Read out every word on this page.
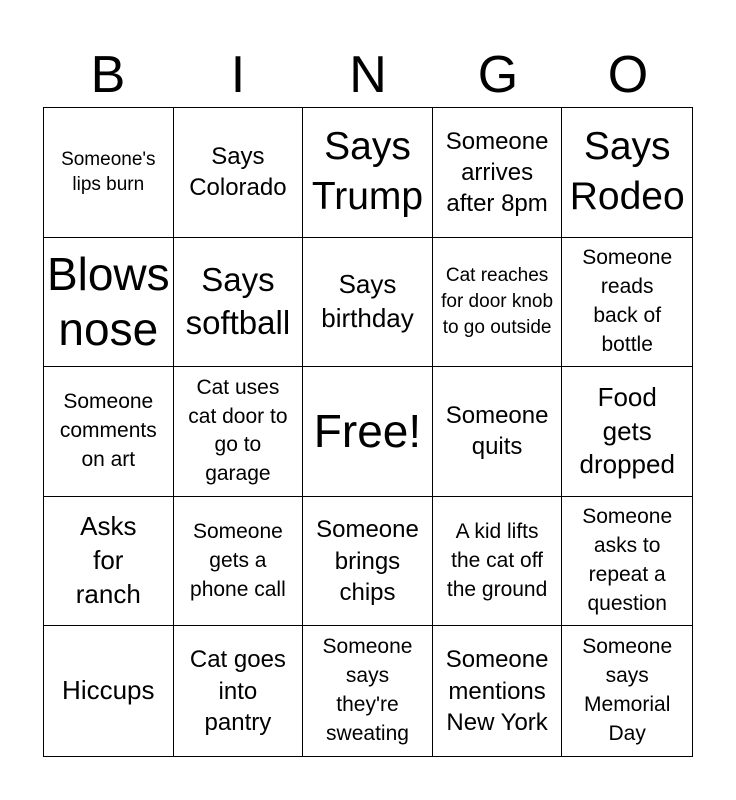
B	I	N	G	O
Someone's lips burn
Says Colorado
Says Trump
Someone arrives after 8pm
Says Rodeo
Blows nose
Says softball
Says birthday
Cat reaches for door knob to go outside
Someone reads back of bottle
Someone comments on art
Cat uses cat door to go to garage
Free!	Someone quits
Food gets dropped
Asks for ranch
Someone gets a phone call
Someone brings chips
A kid lifts the cat off the ground
Someone asks to repeat a question
Hiccups
Cat goes into pantry
Someone says they're sweating
Someone mentions New York
Someone says Memorial Day
